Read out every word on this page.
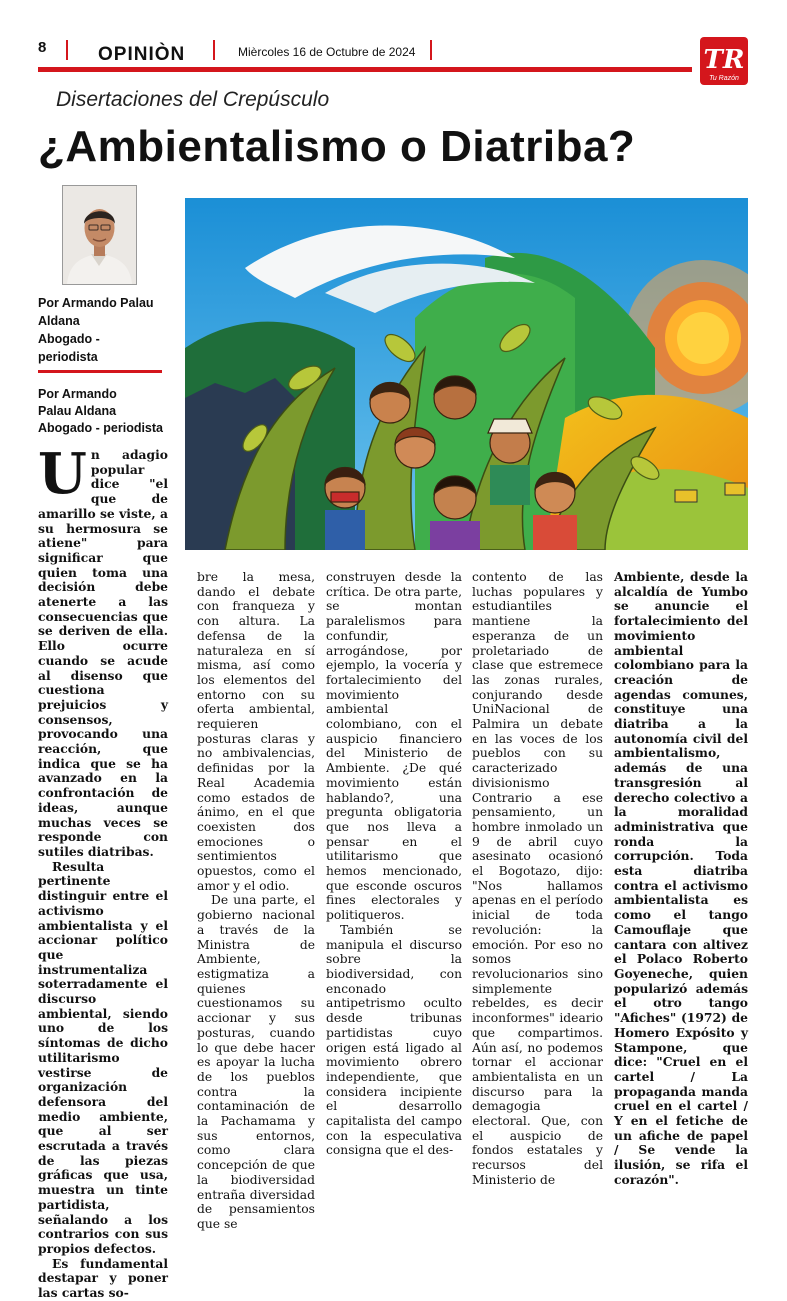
8	OPINIÒN	Mièrcoles 16 de Octubre de 2024	TR
Tu Razón
Disertaciones del Crepúsculo
¿Ambientalismo o Diatriba?
Por Armando Palau
Aldana
Abogado -
periodista
Por Armando
Palau Aldana
Abogado - periodista

Un adagio popular dice "el que de amarillo se viste, a su hermosura se atiene" para significar que quien toma una decisión debe atenerte a las consecuencias que se deriven de ella. Ello ocurre cuando se acude al disenso que cuestiona prejuicios y consensos, provocando una reacción, que indica que se ha avanzado en la confrontación de ideas, aunque muchas veces se responde con sutiles diatribas.

Resulta pertinente distinguir entre el activismo ambientalista y el accionar político que instrumentaliza soterradamente el discurso ambiental, siendo uno de los síntomas de dicho utilitarismo vestirse de organización defensora del medio ambiente, que al ser escrutada a través de las piezas gráficas que usa, muestra un tinte partidista, señalando a los contrarios con sus propios defectos.

Es fundamental destapar y poner las cartas so-

bre la mesa, dando el debate con franqueza y con altura. La defensa de la naturaleza en sí misma, así como los elementos del entorno con su oferta ambiental, requieren posturas claras y no ambivalencias, definidas por la Real Academia como estados de ánimo, en el que coexisten dos emociones o sentimientos opuestos, como el amor y el odio.

De una parte, el gobierno nacional a través de la Ministra de Ambiente, estigmatiza a quienes cuestionamos su accionar y sus posturas, cuando lo que debe hacer es apoyar la lucha de los pueblos contra la contaminación de la Pachamama y sus entornos, como clara concepción de que la biodiversidad entraña diversidad de pensamientos que se

construyen desde la crítica. De otra parte, se montan paralelismos para confundir, arrogándose, por ejemplo, la vocería y fortalecimiento del movimiento ambiental colombiano, con el auspicio financiero del Ministerio de Ambiente. ¿De qué movimiento están hablando?, una pregunta obligatoria que nos lleva a pensar en el utilitarismo que hemos mencionado, que esconde oscuros fines electorales y politiqueros.

También se manipula el discurso sobre la biodiversidad, con enconado antipetrismo oculto desde tribunas partidistas cuyo origen está ligado al movimiento obrero independiente, que considera incipiente el desarrollo capitalista del campo con la especulativa consigna que el des-

contento de las luchas populares y estudiantiles mantiene la esperanza de un proletariado de clase que estremece las zonas rurales, conjurando desde UniNacional de Palmira un debate en las voces de los pueblos con su caracterizado divisionismo Contrario a ese pensamiento, un hombre inmolado un 9 de abril cuyo asesinato ocasionó el Bogotazo, dijo: "Nos hallamos apenas en el período inicial de toda revolución: la emoción. Por eso no somos revolucionarios sino simplemente rebeldes, es decir inconformes" ideario que compartimos. Aún así, no podemos tornar el accionar ambientalista en un discurso para la demagogia electoral. Que, con el auspicio de fondos estatales y recursos del Ministerio de

Ambiente, desde la alcaldía de Yumbo se anuncie el fortalecimiento del movimiento ambiental colombiano para la creación de agendas comunes, constituye una diatriba a la autonomía civil del ambientalismo, además de una transgresión al derecho colectivo a la moralidad administrativa que ronda la corrupción. Toda esta diatriba contra el activismo ambientalista es como el tango Camouflaje que cantara con altivez el Polaco Roberto Goyeneche, quien popularizó además el otro tango "Afiches" (1972) de Homero Expósito y Stampone, que dice: "Cruel en el cartel / La propaganda manda cruel en el cartel / Y en el fetiche de un afiche de papel / Se vende la ilusión, se rifa el corazón".
